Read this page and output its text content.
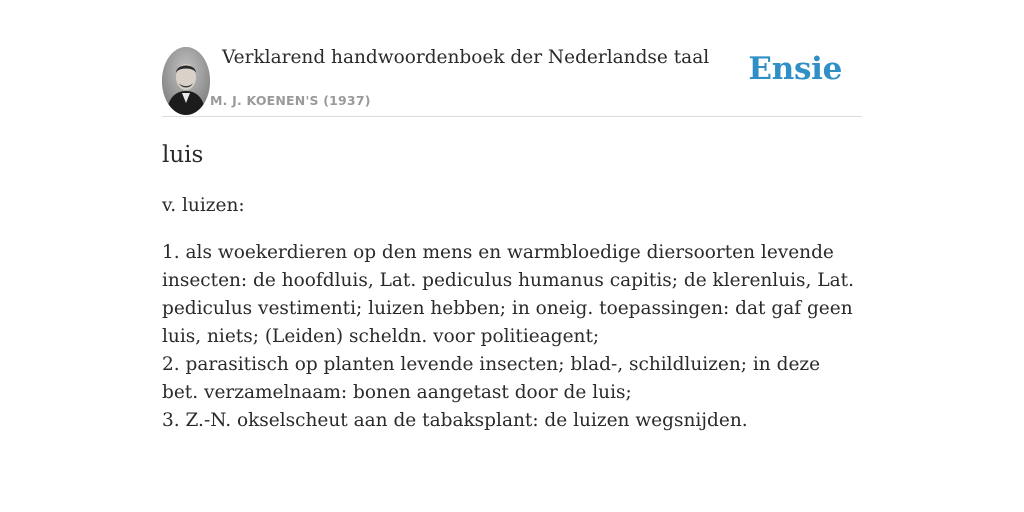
Verklarend handwoordenboek der Nederlandse taal
M. J. KOENEN'S (1937)
Ensie
luis
v. luizen:

1. als woekerdieren op den mens en warmbloedige diersoorten levende insecten: de hoofdluis, Lat. pediculus humanus capitis; de klerenluis, Lat. pediculus vestimenti; luizen hebben; in oneig. toepassingen: dat gaf geen luis, niets; (Leiden) scheldn. voor politieagent;

2. parasitisch op planten levende insecten; blad-, schildluizen; in deze bet. verzamelnaam: bonen aangetast door de luis;

3. Z.-N. okselscheut aan de tabaksplant: de luizen wegsnijden.
